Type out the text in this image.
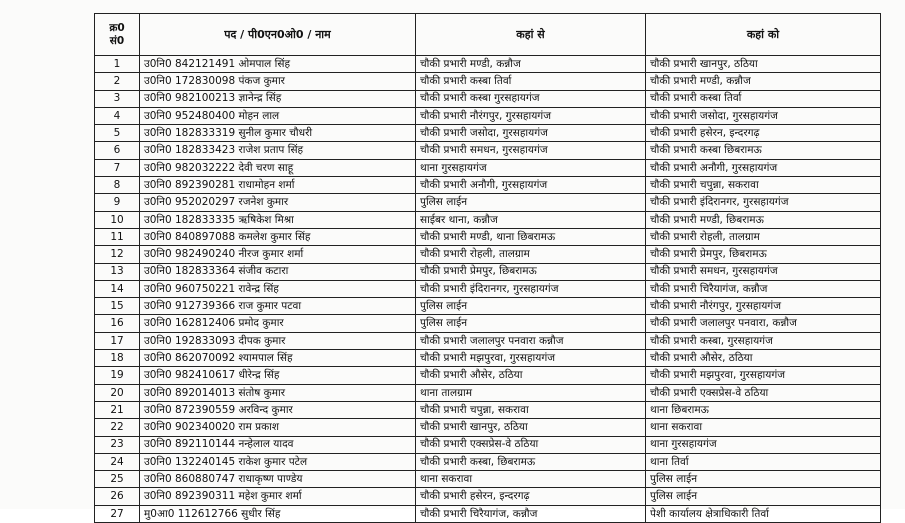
क्र0
सं0	पद / पी0एन0ओ0 / नाम	कहां से	कहां को
1	उ0नि0 842121491 ओमपाल सिंह	चौकी प्रभारी मण्डी, कन्नौज	चौकी प्रभारी खानपुर, ठठिया
2	उ0नि0 172830098 पंकज कुमार	चौकी प्रभारी कस्बा तिर्वा	चौकी प्रभारी मण्डी, कन्नौज
3	उ0नि0 982100213 ज्ञानेन्द्र सिंह	चौकी प्रभारी कस्बा गुरसहायगंज	चौकी प्रभारी कस्बा तिर्वा
4	उ0नि0 952480400 मोहन लाल	चौकी प्रभारी नौरंगपुर, गुरसहायगंज	चौकी प्रभारी जसोदा, गुरसहायगंज
5	उ0नि0 182833319 सुनील कुमार चौधरी	चौकी प्रभारी जसोदा, गुरसहायगंज	चौकी प्रभारी हसेरन, इन्दरगढ़
6	उ0नि0 182833423 राजेश प्रताप सिंह	चौकी प्रभारी समधन, गुरसहायगंज	चौकी प्रभारी कस्बा छिबरामऊ
7	उ0नि0 982032222 देवी चरण साहू	थाना गुरसहायगंज	चौकी प्रभारी अनौगी, गुरसहायगंज
8	उ0नि0 892390281 राधामोहन शर्मा	चौकी प्रभारी अनौगी, गुरसहायगंज	चौकी प्रभारी चपुन्ना, सकरावा
9	उ0नि0 952020297 रजनेश कुमार	पुलिस लाईन	चौकी प्रभारी इंदिरानगर, गुरसहायगंज
10	उ0नि0 182833335 ऋषिकेश मिश्रा	साईबर थाना, कन्नौज	चौकी प्रभारी मण्डी, छिबरामऊ
11	उ0नि0 840897088 कमलेश कुमार सिंह	चौकी प्रभारी मण्डी, थाना छिबरामऊ	चौकी प्रभारी रोहली, तालग्राम
12	उ0नि0 982490240 नीरज कुमार शर्मा	चौकी प्रभारी रोहली, तालग्राम	चौकी प्रभारी प्रेमपुर, छिबरामऊ
13	उ0नि0 182833364 संजीव कटारा	चौकी प्रभारी प्रेमपुर, छिबरामऊ	चौकी प्रभारी समधन, गुरसहायगंज
14	उ0नि0 960750221 रावेन्द्र सिंह	चौकी प्रभारी इंदिरानगर, गुरसहायगंज	चौकी प्रभारी चिरैयागंज, कन्नौज
15	उ0नि0 912739366 राज कुमार पटवा	पुलिस लाईन	चौकी प्रभारी नौरंगपुर, गुरसहायगंज
16	उ0नि0 162812406 प्रमोद कुमार	पुलिस लाईन	चौकी प्रभारी जलालपुर पनवारा, कन्नौज
17	उ0नि0 192833093 दीपक कुमार	चौकी प्रभारी जलालपुर पनवारा कन्नौज	चौकी प्रभारी कस्बा, गुरसहायगंज
18	उ0नि0 862070092 श्यामपाल सिंह	चौकी प्रभारी मझपुरवा, गुरसहायगंज	चौकी प्रभारी औसेर, ठठिया
19	उ0नि0 982410617 धीरेन्द्र सिंह	चौकी प्रभारी औसेर, ठठिया	चौकी प्रभारी मझपुरवा, गुरसहायगंज
20	उ0नि0 892014013 संतोष कुमार	थाना तालग्राम	चौकी प्रभारी एक्सप्रेस-वे ठठिया
21	उ0नि0 872390559 अरविन्द कुमार	चौकी प्रभारी चपुन्ना, सकरावा	थाना छिबरामऊ
22	उ0नि0 902340020 राम प्रकाश	चौकी प्रभारी खानपुर, ठठिया	थाना सकरावा
23	उ0नि0 892110144 नन्हेलाल यादव	चौकी प्रभारी एक्सप्रेस-वे ठठिया	थाना गुरसहायगंज
24	उ0नि0 132240145 राकेश कुमार पटेल	चौकी प्रभारी कस्बा, छिबरामऊ	थाना तिर्वा
25	उ0नि0 860880747 राधाकृष्ण पाण्डेय	थाना सकरावा	पुलिस लाईन
26	उ0नि0 892390311 महेश कुमार शर्मा	चौकी प्रभारी हसेरन, इन्दरगढ़	पुलिस लाईन
27	मु0आ0 112612766 सुधीर सिंह	चौकी प्रभारी चिरैयागंज, कन्नौज	पेशी कार्यालय क्षेत्राधिकारी तिर्वा
